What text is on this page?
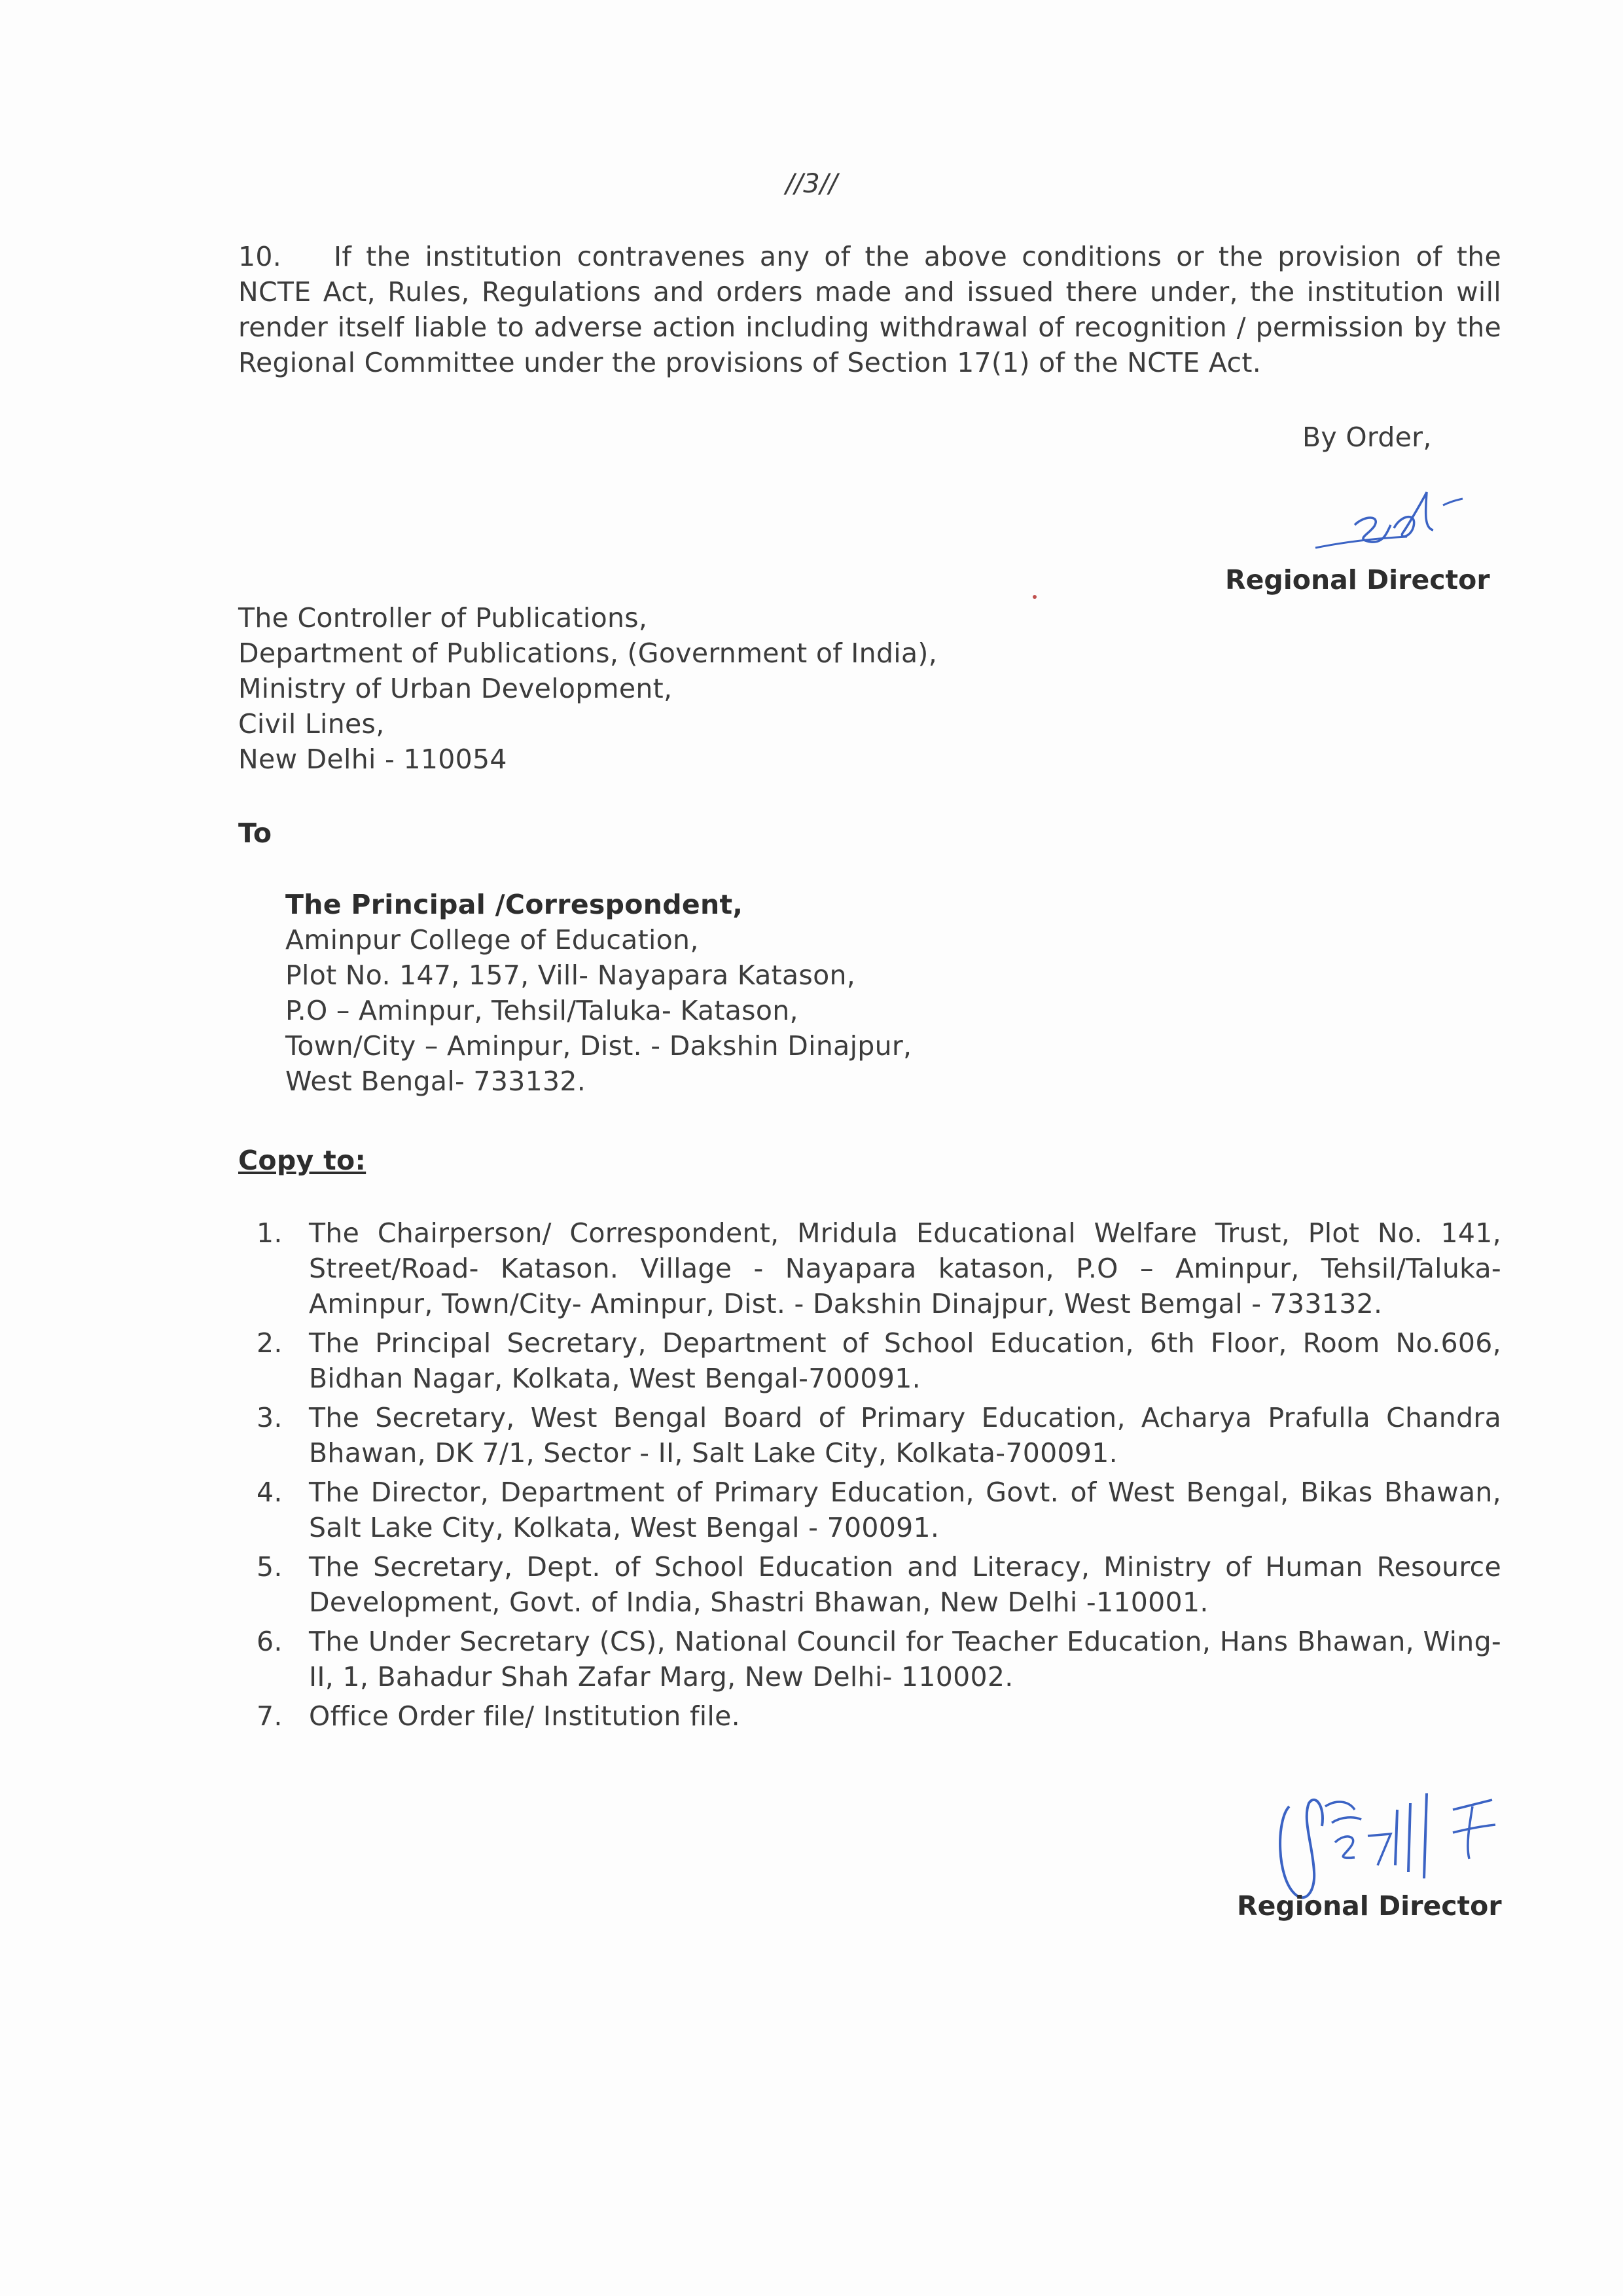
//3//
10. If the institution contravenes any of the above conditions or the provision of the NCTE Act, Rules, Regulations and orders made and issued there under, the institution will render itself liable to adverse action including withdrawal of recognition / permission by the Regional Committee under the provisions of Section 17(1) of the NCTE Act.
By Order,
Regional Director
The Controller of Publications,
Department of Publications, (Government of India),
Ministry of Urban Development,
Civil Lines,
New Delhi - 110054
To
The Principal /Correspondent,
Aminpur College of Education,
Plot No. 147, 157, Vill- Nayapara Katason,
P.O – Aminpur, Tehsil/Taluka- Katason,
Town/City – Aminpur, Dist. - Dakshin Dinajpur,
West Bengal- 733132.
Copy to:
1. The Chairperson/ Correspondent, Mridula Educational Welfare Trust, Plot No. 141, Street/Road- Katason. Village - Nayapara katason, P.O – Aminpur, Tehsil/Taluka-Aminpur, Town/City- Aminpur, Dist. - Dakshin Dinajpur, West Bemgal - 733132.
2. The Principal Secretary, Department of School Education, 6th Floor, Room No.606, Bidhan Nagar, Kolkata, West Bengal-700091.
3. The Secretary, West Bengal Board of Primary Education, Acharya Prafulla Chandra Bhawan, DK 7/1, Sector - II, Salt Lake City, Kolkata-700091.
4. The Director, Department of Primary Education, Govt. of West Bengal, Bikas Bhawan, Salt Lake City, Kolkata, West Bengal - 700091.
5. The Secretary, Dept. of School Education and Literacy, Ministry of Human Resource Development, Govt. of India, Shastri Bhawan, New Delhi -110001.
6. The Under Secretary (CS), National Council for Teacher Education, Hans Bhawan, Wing-II, 1, Bahadur Shah Zafar Marg, New Delhi- 110002.
7. Office Order file/ Institution file.
Regional Director
